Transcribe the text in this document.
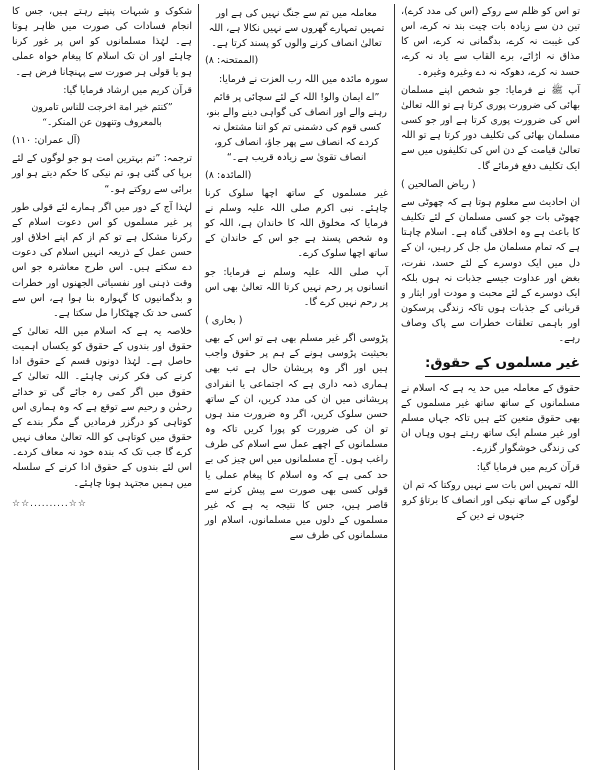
تو اس کو ظلم سے روکے (اس کی مدد کرے)، تین دن سے زیادہ بات چیت بند نہ کرے، اس کی غیبت نہ کرے، بدگمانی نہ کرے، اس کا مذاق نہ اڑائے، برے القاب سے یاد نہ کرے، حسد نہ کرے، دھوکہ نہ دے وغیرہ وغیرہ۔

آپ ﷺ نے فرمایا: جو شخص اپنے مسلمان بھائی کی ضرورت پوری کرتا ہے تو اللہ تعالیٰ اس کی ضرورت پوری کرتا ہے اور جو کسی مسلمان بھائی کی تکلیف دور کرتا ہے تو اللہ تعالیٰ قیامت کے دن اس کی تکلیفوں میں سے ایک تکلیف دفع فرمائے گا۔

( ریاض الصالحین )

ان احادیث سے معلوم ہوتا ہے کہ چھوٹی سے چھوٹی بات جو کسی مسلمان کے لئے تکلیف کا باعث ہے وہ اخلاقی گناہ ہے۔ اسلام چاہتا ہے کہ تمام مسلمان مل جل کر رہیں، ان کے دل میں ایک دوسرے کے لئے حسد، نفرت، بغض اور عداوت جیسے جذبات نہ ہوں بلکہ ایک دوسرے کے لئے محبت و مودت اور ایثار و قربانی کے جذبات ہوں تاکہ زندگی پرسکون اور باہمی تعلقات خطرات سے پاک وصاف رہے۔

غیر مسلموں کے حقوق:

حقوق کے معاملہ میں حد یہ ہے کہ اسلام نے مسلمانوں کے ساتھ ساتھ غیر مسلموں کے بھی حقوق متعین کئے ہیں تاکہ جہاں مسلم اور غیر مسلم ایک ساتھ رہتے ہوں وہاں ان کی زندگی خوشگوار گزرے۔

قرآن کریم میں فرمایا گیا:

اللہ تمہیں اس بات سے نہیں روکتا کہ تم ان لوگوں کے ساتھ نیکی اور انصاف کا برتاؤ کرو جنہوں نے دین کے

معاملہ میں تم سے جنگ نہیں کی ہے اور تمہیں تمہارے گھروں سے نہیں نکالا ہے، اللہ تعالیٰ انصاف کرنے والوں کو پسند کرتا ہے۔

(الممتحنہ: ۸)

سورہ مائدہ میں اللہ رب العزت نے فرمایا:

”اے ایمان والو! اللہ کے لئے سچائی پر قائم رہنے والے اور انصاف کی گواہی دینے والے بنو، کسی قوم کی دشمنی تم کو اتنا مشتعل نہ کردے کہ انصاف سے پھر جاؤ، انصاف کرو، انصاف تقویٰ سے زیادہ قریب ہے۔“

(المائدہ: ۸)

غیر مسلموں کے ساتھ اچھا سلوک کرنا چاہئے۔ نبی اکرم صلی اللہ علیہ وسلم نے فرمایا کہ مخلوق اللہ کا خاندان ہے، اللہ کو وہ شخص پسند ہے جو اس کے خاندان کے ساتھ اچھا سلوک کرے۔

آپ صلی اللہ علیہ وسلم نے فرمایا: جو انسانوں پر رحم نہیں کرتا اللہ تعالیٰ بھی اس پر رحم نہیں کرے گا۔

( بخاری )

پڑوسی اگر غیر مسلم بھی ہے تو اس کے بھی بحیثیت پڑوسی ہونے کے ہم پر حقوق واجب ہیں اور اگر وہ پریشان حال ہے تب بھی ہماری ذمہ داری ہے کہ اجتماعی یا انفرادی پریشانی میں ان کی مدد کریں، ان کے ساتھ حسن سلوک کریں، اگر وہ ضرورت مند ہوں تو ان کی ضرورت کو پورا کریں تاکہ وہ مسلمانوں کے اچھے عمل سے اسلام کی طرف راغب ہوں۔ آج مسلمانوں میں اس چیز کی بے حد کمی ہے کہ وہ اسلام کا پیغام عملی یا قولی کسی بھی صورت سے پیش کرنے سے قاصر ہیں، جس کا نتیجہ یہ ہے کہ غیر مسلموں کے دلوں میں مسلمانوں، اسلام اور مسلمانوں کی طرف سے

شکوک و شبہات پنپتے رہتے ہیں، جس کا انجام فسادات کی صورت میں ظاہر ہوتا ہے۔ لہٰذا مسلمانوں کو اس پر غور کرنا چاہئے اور ان تک اسلام کا پیغام خواہ عملی ہو یا قولی ہر صورت سے پہنچانا فرض ہے۔

قرآن کریم میں ارشاد فرمایا گیا:

”کنتم خیر امة اخرجت للناس تامرون بالمعروف وتنهون عن المنکر۔“

(آل عمران: ۱۱۰)

ترجمہ: ”تم بہترین امت ہو جو لوگوں کے لئے برپا کی گئی ہو، تم نیکی کا حکم دیتے ہو اور برائی سے روکتے ہو۔“

لہٰذا آج کے دور میں اگر ہمارے لئے قولی طور پر غیر مسلموں کو اس دعوت اسلام کے رکرنا مشکل ہے تو کم از کم اپنے اخلاق اور حسن عمل کے ذریعہ انہیں اسلام کی دعوت دے سکتے ہیں۔ اس طرح معاشرہ جو اس وقت ذہنی اور نفسیاتی الجھنوں اور خطرات و بدگمانیوں کا گہوارہ بنا ہوا ہے، اس سے کسی حد تک چھٹکارا مل سکتا ہے۔

خلاصہ یہ ہے کہ اسلام میں اللہ تعالیٰ کے حقوق اور بندوں کے حقوق کو یکساں اہمیت حاصل ہے۔ لہٰذا دونوں قسم کے حقوق ادا کرنے کی فکر کرنی چاہئے۔ اللہ تعالیٰ کے حقوق میں اگر کمی رہ جائے گی تو خدائے رحمٰن و رحیم سے توقع ہے کہ وہ ہماری اس کوتاہی کو درگزر فرمادیں گے مگر بندے کے حقوق میں کوتاہی کو اللہ تعالیٰ معاف نہیں کرے گا جب تک کہ بندہ خود نہ معاف کردے۔ اس لئے بندوں کے حقوق ادا کرنے کے سلسلہ میں ہمیں مجتہد ہونا چاہئے۔

☆☆..........☆☆
